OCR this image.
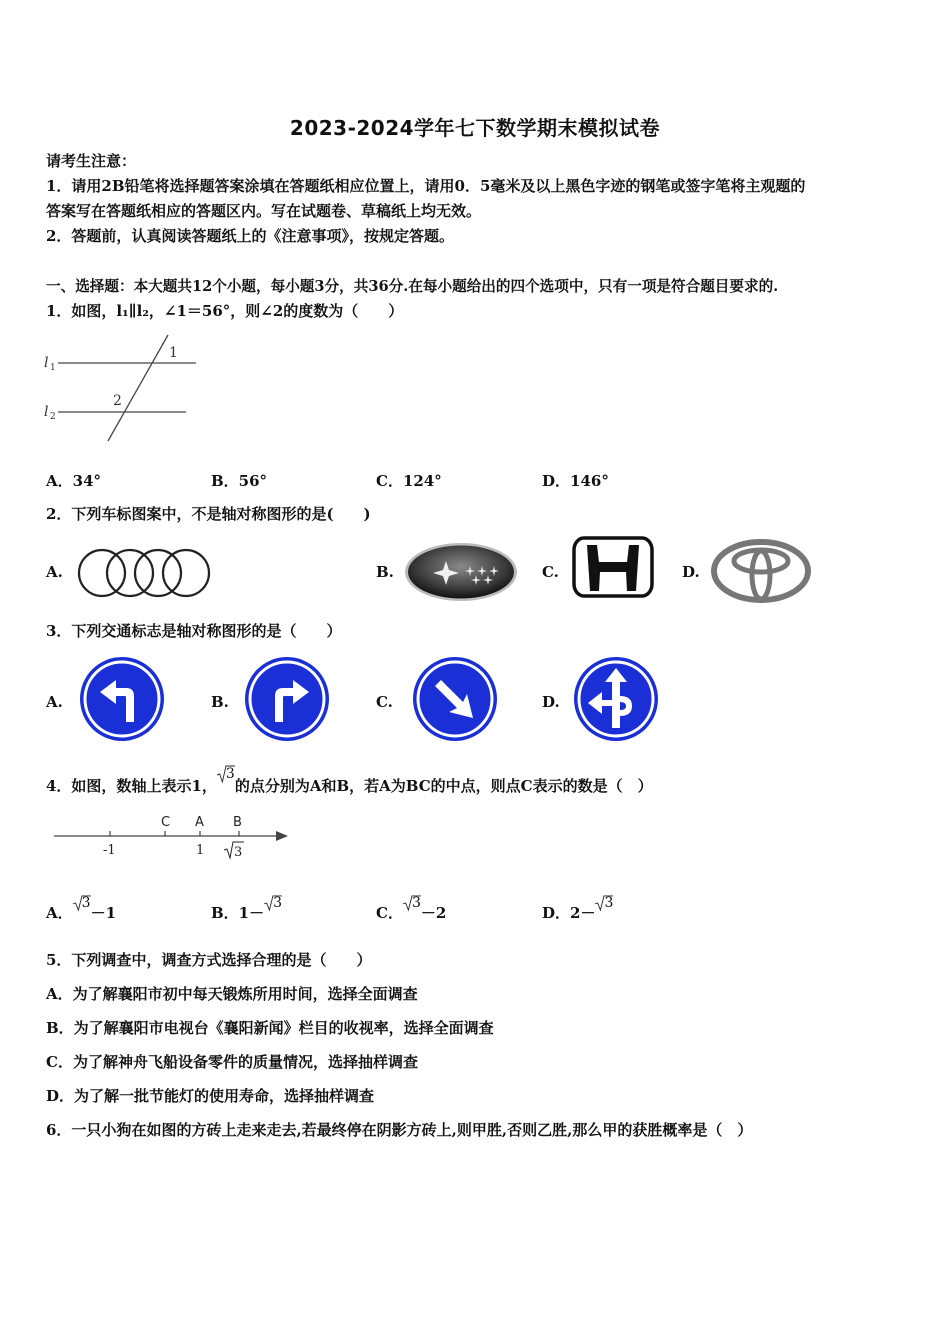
2023-2024学年七下数学期末模拟试卷
请考生注意：
1．请用2B铅笔将选择题答案涂填在答题纸相应位置上，请用0．5毫米及以上黑色字迹的钢笔或签字笔将主观题的
答案写在答题纸相应的答题区内。写在试题卷、草稿纸上均无效。
2．答题前，认真阅读答题纸上的《注意事项》，按规定答题。
一、选择题：本大题共12个小题，每小题3分，共36分.在每小题给出的四个选项中，只有一项是符合题目要求的.
1．如图，l₁∥l₂，∠1＝56°，则∠2的度数为（　　）
l 1
l 2
1
2
A．34°	B．56°	C．124°	D．146°
2．下列车标图案中，不是轴对称图形的是(　　)
A.	B.	C.	D.
3．下列交通标志是轴对称图形的是（　　）
A.	B.	C.	D.
4．如图，数轴上表示1，
3的点分别为A和B，若A为BC的中点，则点C表示的数是（　）
C A B
-1	1 3
A．
3－1	B．1－
3
C．
3－2	D．2－
3
5．下列调查中，调查方式选择合理的是（　　）
A．为了解襄阳市初中每天锻炼所用时间，选择全面调查
B．为了解襄阳市电视台《襄阳新闻》栏目的收视率，选择全面调查
C．为了解神舟飞船设备零件的质量情况，选择抽样调查
D．为了解一批节能灯的使用寿命，选择抽样调查
6．一只小狗在如图的方砖上走来走去,若最终停在阴影方砖上,则甲胜,否则乙胜,那么甲的获胜概率是（　）
